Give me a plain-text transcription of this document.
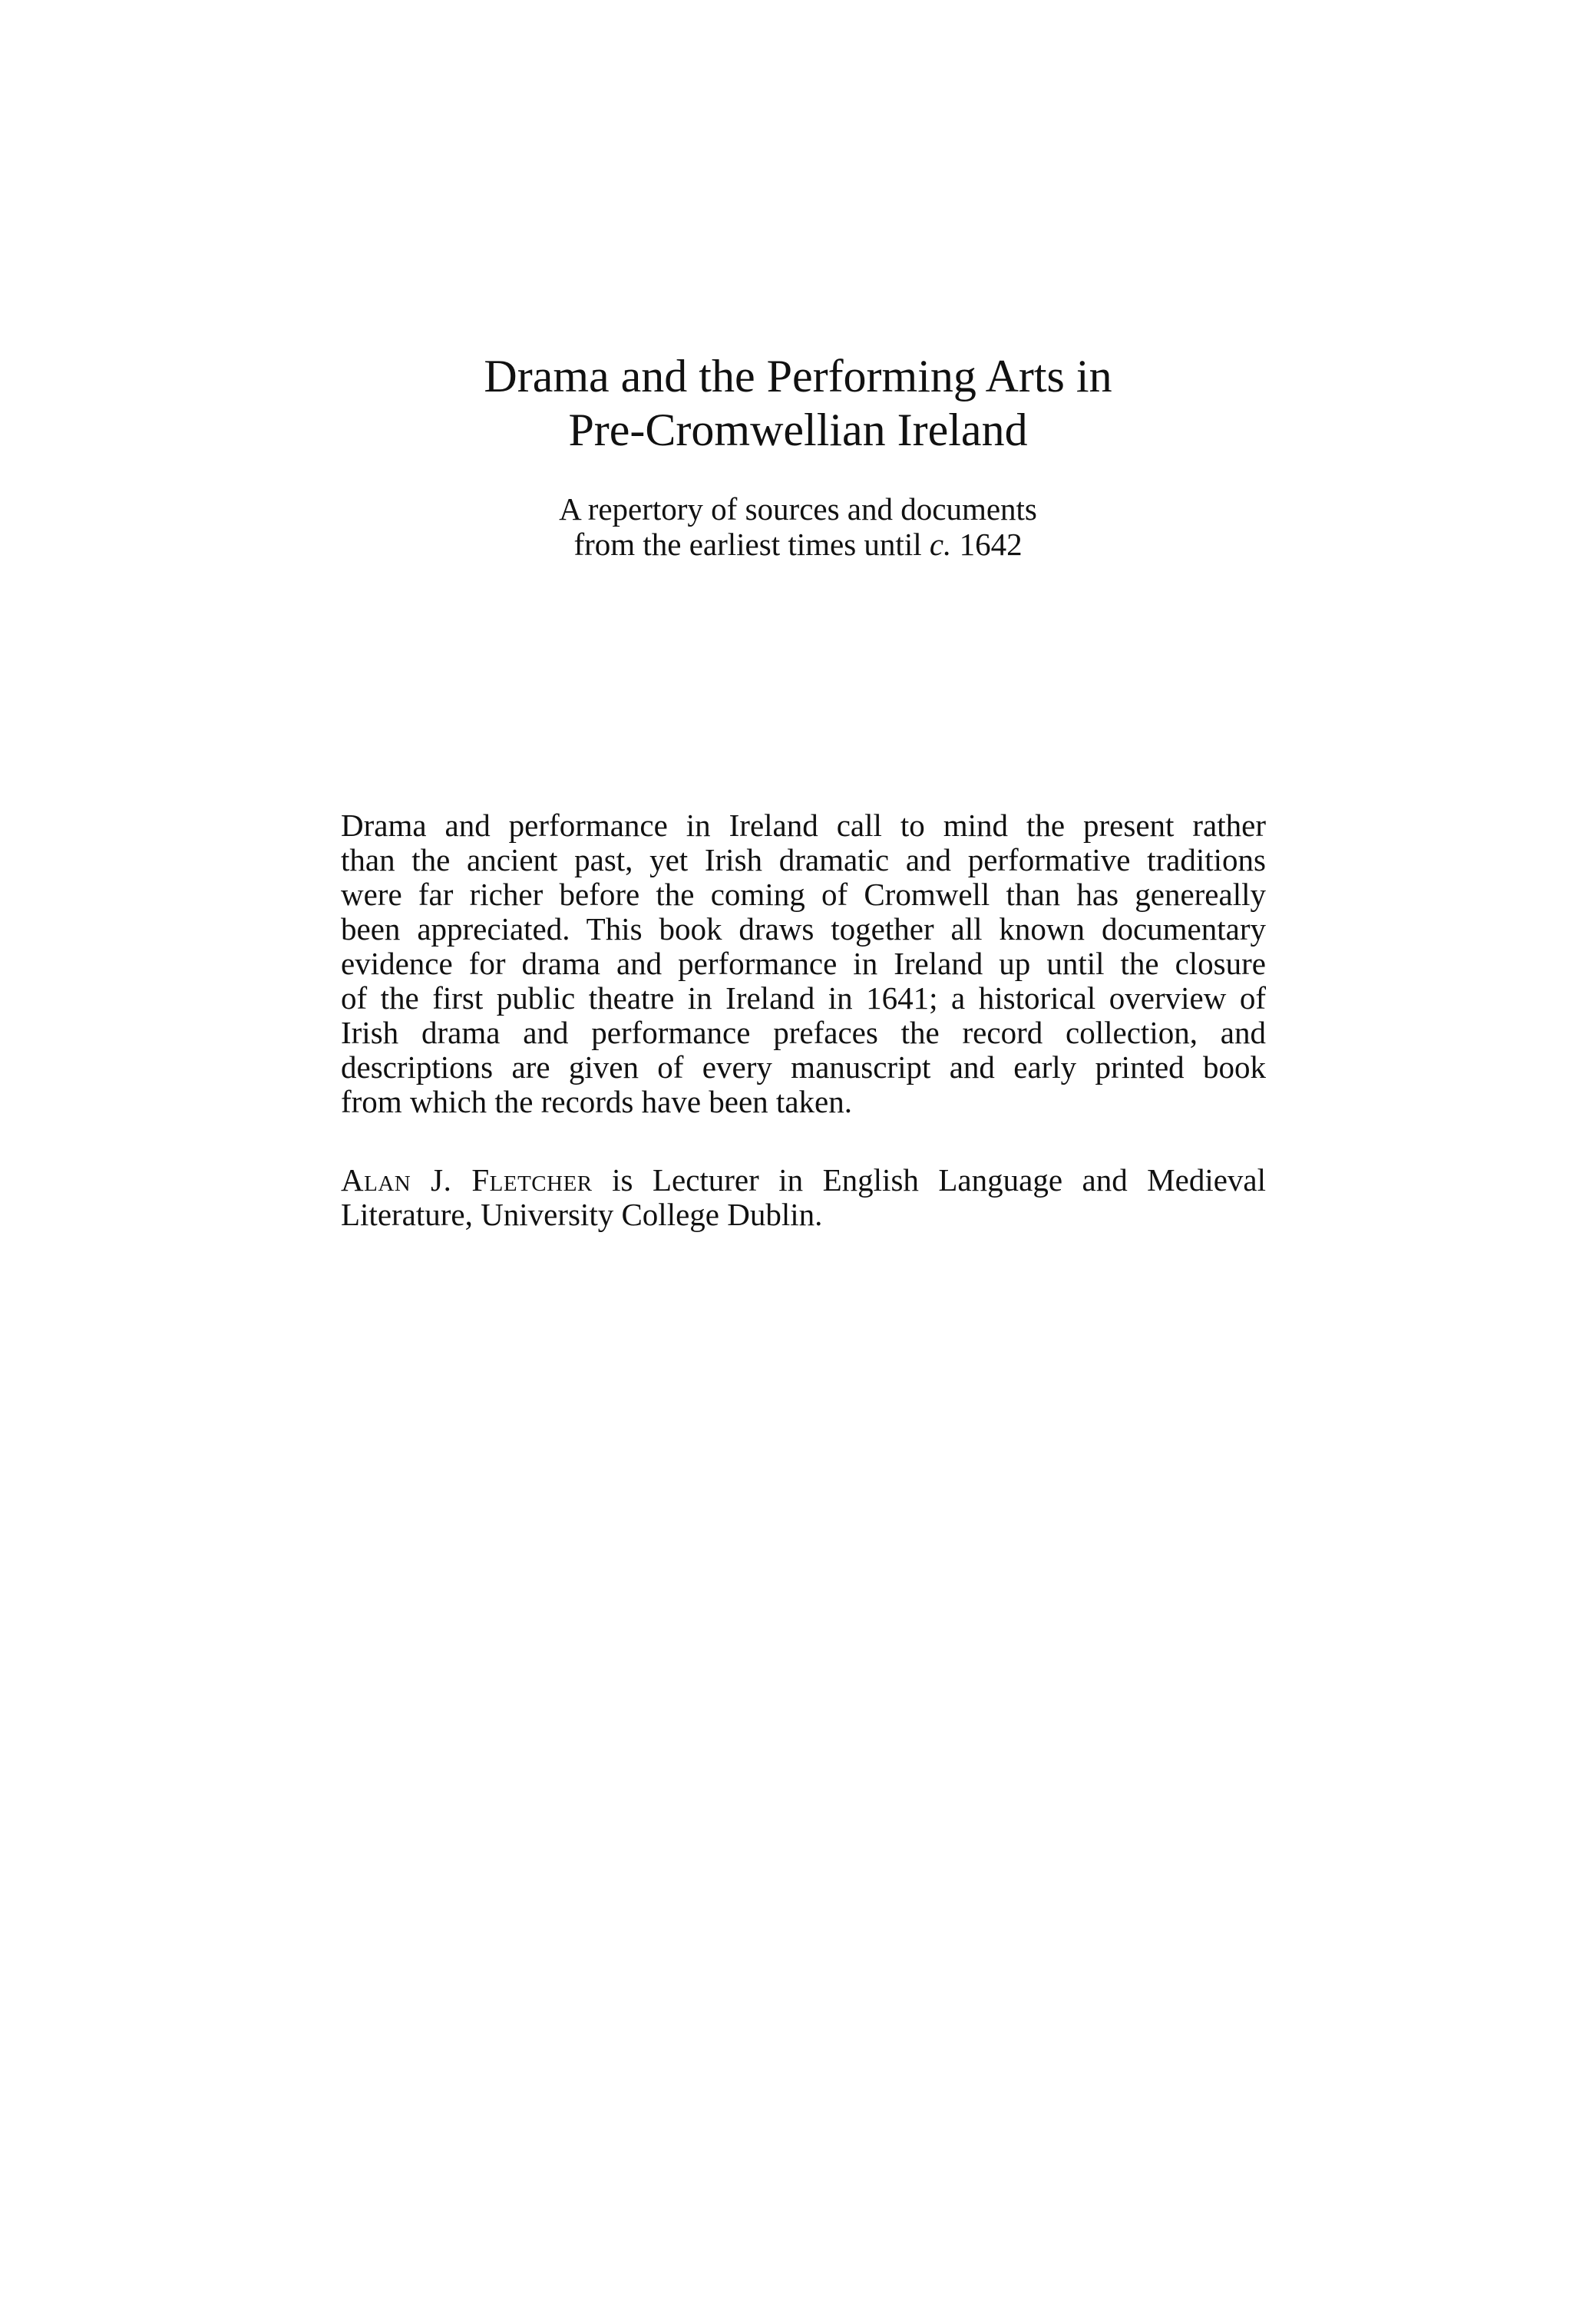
Drama and the Performing Arts in
Pre-Cromwellian Ireland
A repertory of sources and documents
from the earliest times until c. 1642
Drama and performance in Ireland call to mind the present rather
than the ancient past, yet Irish dramatic and performative traditions
were far richer before the coming of Cromwell than has genereally
been appreciated. This book draws together all known documentary
evidence for drama and performance in Ireland up until the closure
of the first public theatre in Ireland in 1641; a historical overview of
Irish drama and performance prefaces the record collection, and
descriptions are given of every manuscript and early printed book
from which the records have been taken.
Alan J. Fletcher is Lecturer in English Language and Medieval
Literature, University College Dublin.
